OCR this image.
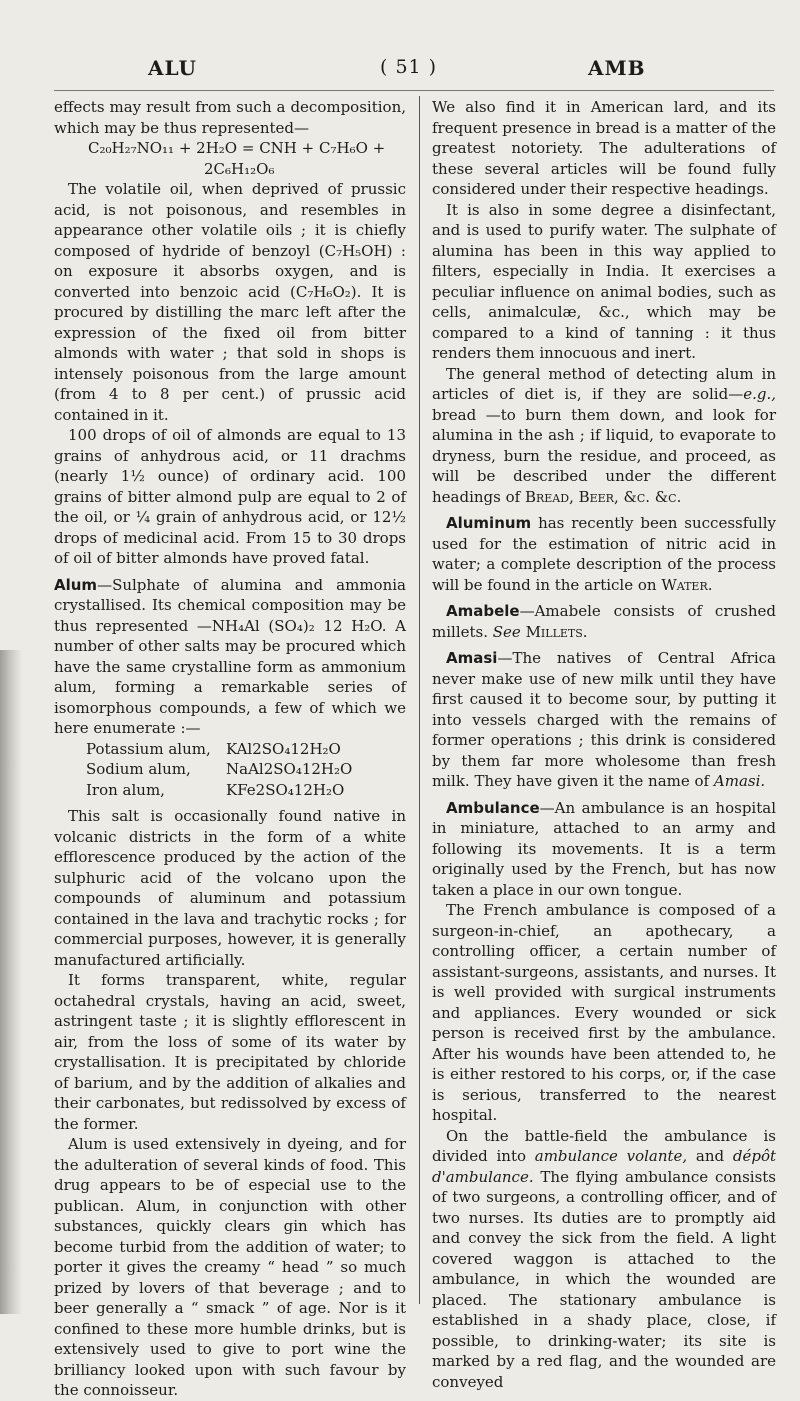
ALU	( 51 )	AMB

effects may result from such a decomposition, which may be thus represented—

C₂₀H₂₇NO₁₁ + 2H₂O = CNH + C₇H₆O +

2C₆H₁₂O₆

The volatile oil, when deprived of prussic acid, is not poisonous, and resembles in appearance other volatile oils ; it is chiefly composed of hydride of benzoyl (C₇H₅OH) : on exposure it absorbs oxygen, and is converted into benzoic acid (C₇H₆O₂). It is procured by distilling the marc left after the expression of the fixed oil from bitter almonds with water ; that sold in shops is intensely poisonous from the large amount (from 4 to 8 per cent.) of prussic acid contained in it.

100 drops of oil of almonds are equal to 13 grains of anhydrous acid, or 11 drachms (nearly 1½ ounce) of ordinary acid. 100 grains of bitter almond pulp are equal to 2 of the oil, or ¼ grain of anhydrous acid, or 12½ drops of medicinal acid. From 15 to 30 drops of oil of bitter almonds have proved fatal.

Alum—Sulphate of alumina and ammonia crystallised. Its chemical composition may be thus represented —NH₄Al (SO₄)₂ 12 H₂O. A number of other salts may be procured which have the same crystalline form as ammonium alum, forming a remarkable series of isomorphous compounds, a few of which we here enumerate :—

Potassium alum,	KAl2SO₄12H₂O
Sodium alum,	NaAl2SO₄12H₂O
Iron alum,	KFe2SO₄12H₂O

This salt is occasionally found native in volcanic districts in the form of a white efflorescence produced by the action of the sulphuric acid of the volcano upon the compounds of aluminum and potassium contained in the lava and trachytic rocks ; for commercial purposes, however, it is generally manufactured artificially.

It forms transparent, white, regular octahedral crystals, having an acid, sweet, astringent taste ; it is slightly efflorescent in air, from the loss of some of its water by crystallisation. It is precipitated by chloride of barium, and by the addition of alkalies and their carbonates, but redissolved by excess of the former.

Alum is used extensively in dyeing, and for the adulteration of several kinds of food. This drug appears to be of especial use to the publican. Alum, in conjunction with other substances, quickly clears gin which has become turbid from the addition of water; to porter it gives the creamy “ head ” so much prized by lovers of that beverage ; and to beer generally a “ smack ” of age. Nor is it confined to these more humble drinks, but is extensively used to give to port wine the brilliancy looked upon with such favour by the connoisseur.

We also find it in American lard, and its frequent presence in bread is a matter of the greatest notoriety. The adulterations of these several articles will be found fully considered under their respective headings.

It is also in some degree a disinfectant, and is used to purify water. The sulphate of alumina has been in this way applied to filters, especially in India. It exercises a peculiar influence on animal bodies, such as cells, animalculæ, &c., which may be compared to a kind of tanning : it thus renders them innocuous and inert.

The general method of detecting alum in articles of diet is, if they are solid—e.g., bread —to burn them down, and look for alumina in the ash ; if liquid, to evaporate to dryness, burn the residue, and proceed, as will be described under the different headings of Bread, Beer, &c. &c.

Aluminum has recently been successfully used for the estimation of nitric acid in water; a complete description of the process will be found in the article on Water.

Amabele—Amabele consists of crushed millets. See Millets.

Amasi—The natives of Central Africa never make use of new milk until they have first caused it to become sour, by putting it into vessels charged with the remains of former operations ; this drink is considered by them far more wholesome than fresh milk. They have given it the name of Amasi.

Ambulance—An ambulance is an hospital in miniature, attached to an army and following its movements. It is a term originally used by the French, but has now taken a place in our own tongue.

The French ambulance is composed of a surgeon-in-chief, an apothecary, a controlling officer, a certain number of assistant-surgeons, assistants, and nurses. It is well provided with surgical instruments and appliances. Every wounded or sick person is received first by the ambulance. After his wounds have been attended to, he is either restored to his corps, or, if the case is serious, transferred to the nearest hospital.

On the battle-field the ambulance is divided into ambulance volante, and dépôt d'ambulance. The flying ambulance consists of two surgeons, a controlling officer, and of two nurses. Its duties are to promptly aid and convey the sick from the field. A light covered waggon is attached to the ambulance, in which the wounded are placed. The stationary ambulance is established in a shady place, close, if possible, to drinking-water; its site is marked by a red flag, and the wounded are conveyed
